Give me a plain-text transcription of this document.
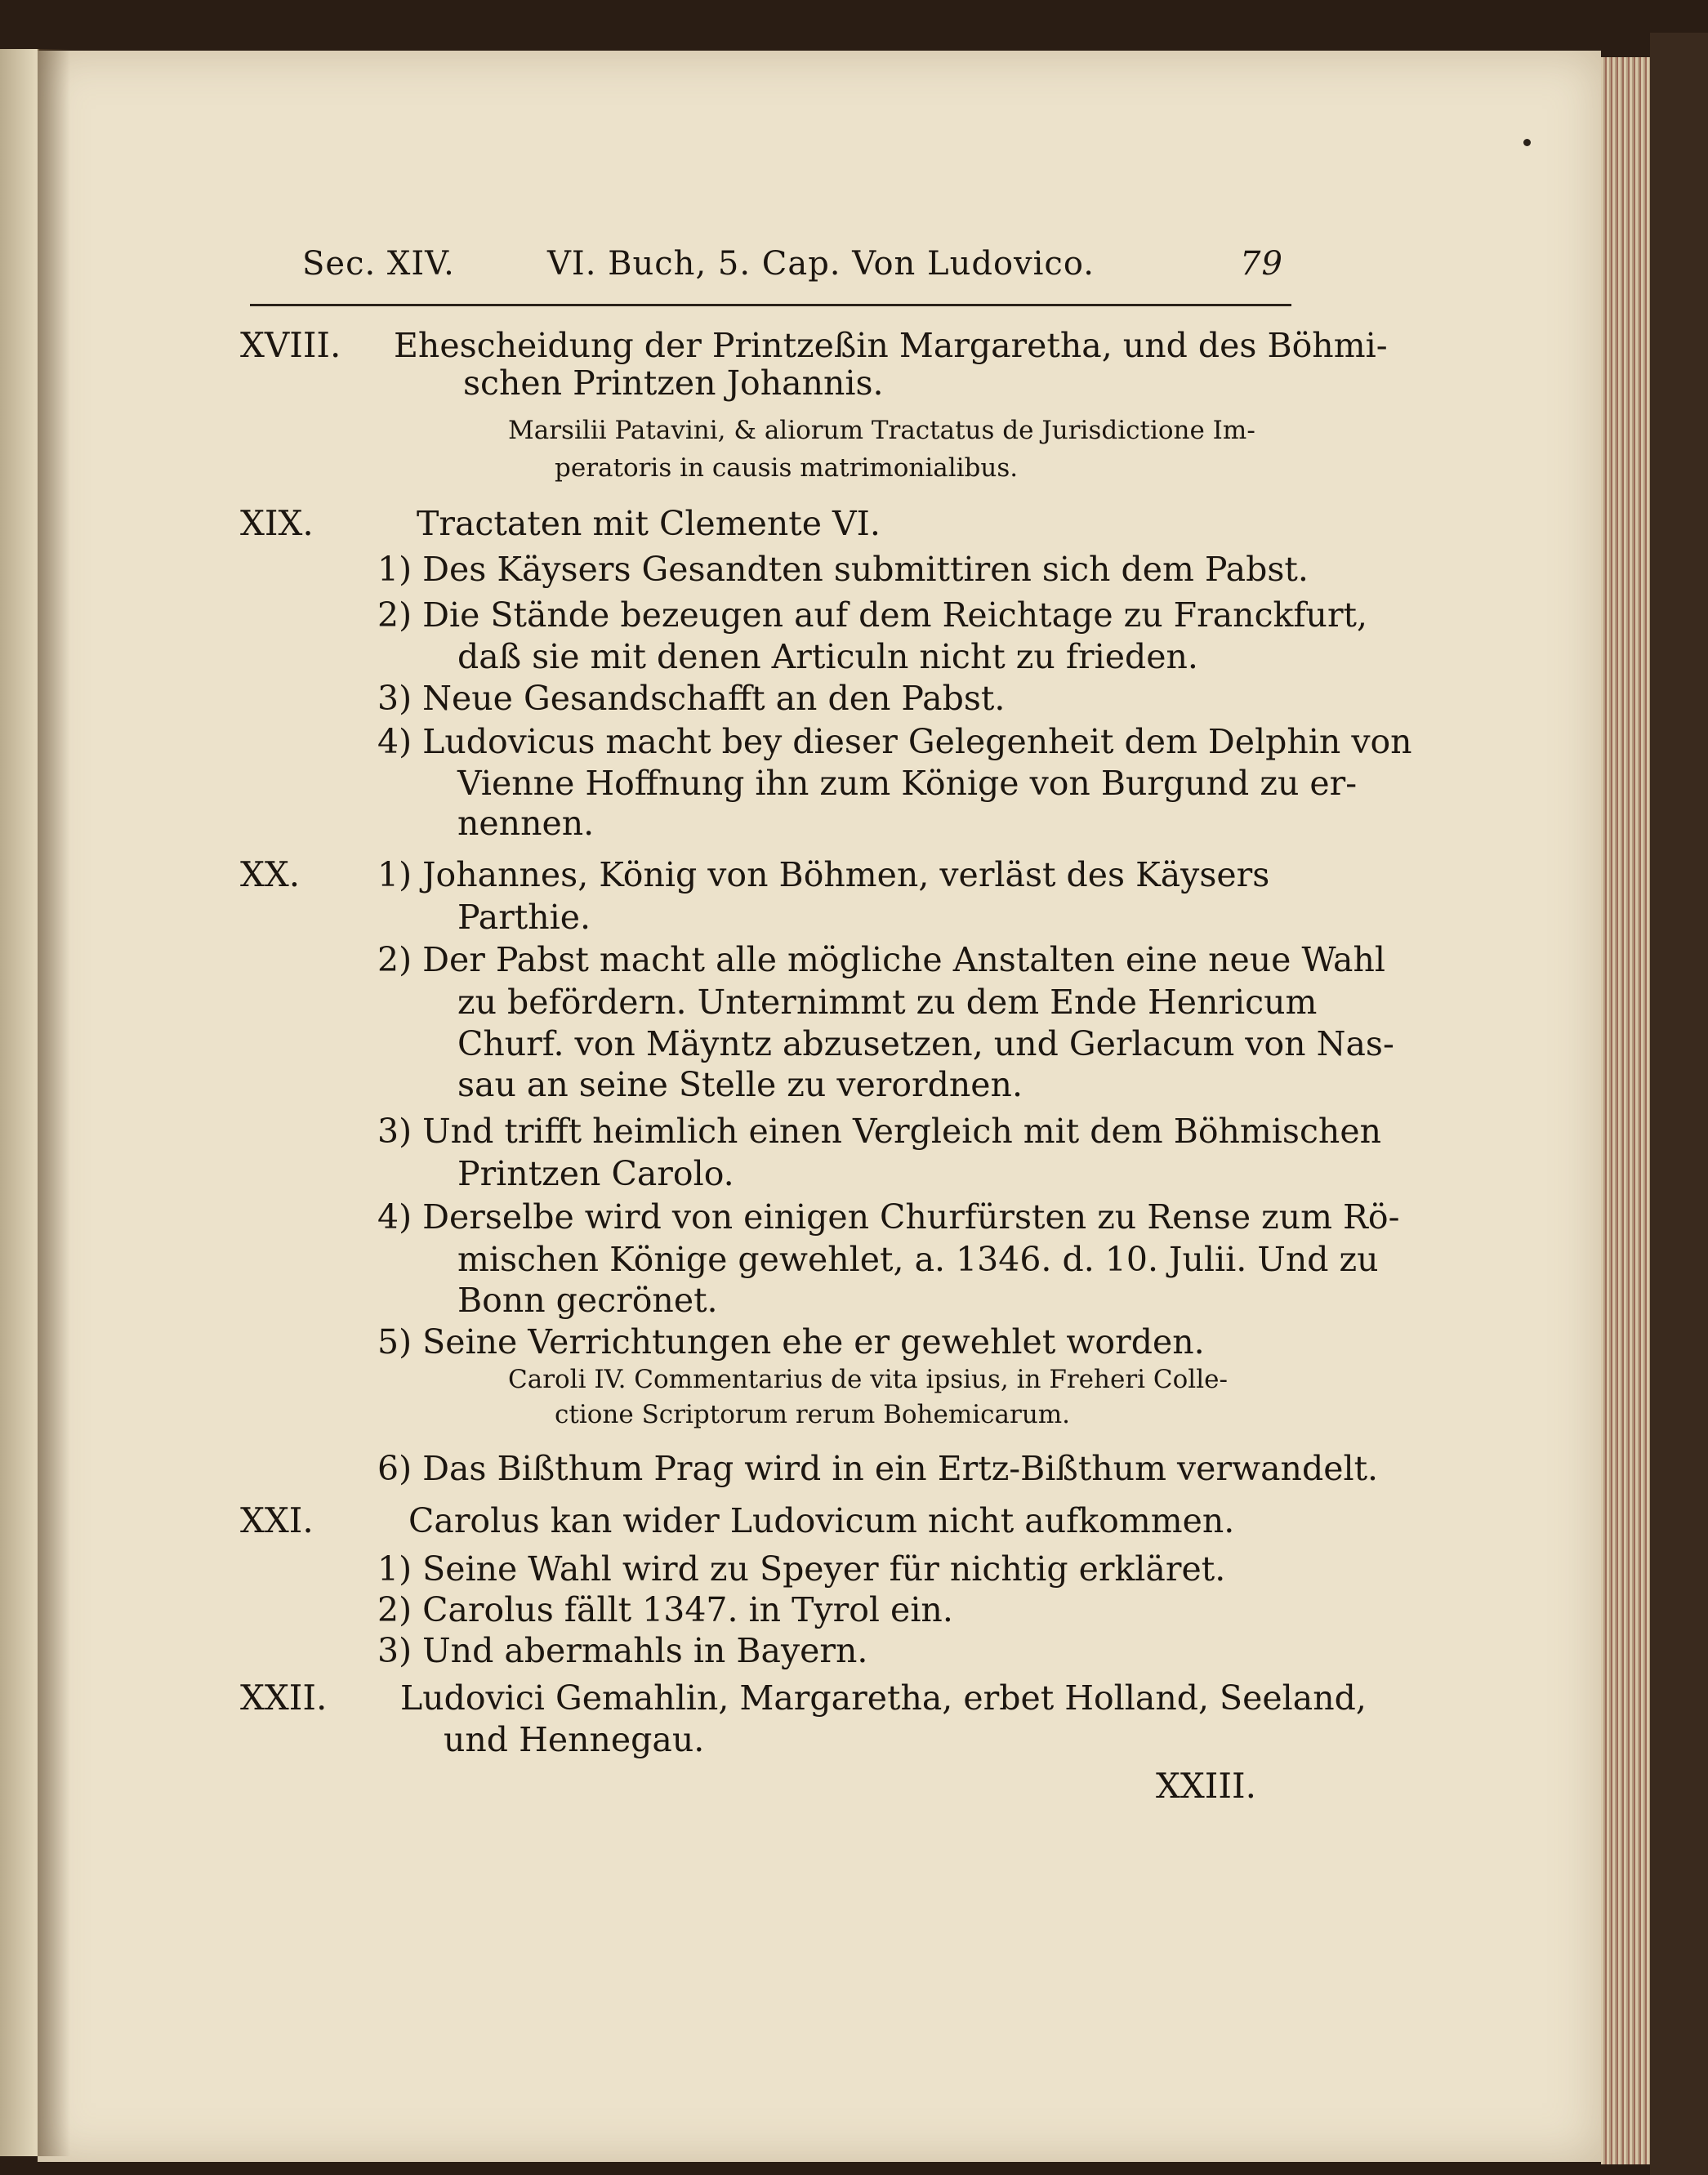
Sec. XIV.	VI. Buch, 5. Cap. Von Ludovico.	79
XVIII. Ehescheidung der Printzeßin Margaretha, und des Böhmi-
schen Printzen Johannis.
Marsilii Patavini, & aliorum Tractatus de Jurisdictione Im-
peratoris in causis matrimonialibus.
XIX.	Tractaten mit Clemente VI.
1) Des Käysers Gesandten submittiren sich dem Pabst.
2) Die Stände bezeugen auf dem Reichtage zu Franckfurt,
daß sie mit denen Articuln nicht zu frieden.
3) Neue Gesandschafft an den Pabst.
4) Ludovicus macht bey dieser Gelegenheit dem Delphin von
Vienne Hoffnung ihn zum Könige von Burgund zu er-
nennen.
XX. 1) Johannes, König von Böhmen, verläst des Käysers
Parthie.
2) Der Pabst macht alle mögliche Anstalten eine neue Wahl
zu befördern. Unternimmt zu dem Ende Henricum
Churf. von Mäyntz abzusetzen, und Gerlacum von Nas-
sau an seine Stelle zu verordnen.
3) Und trifft heimlich einen Vergleich mit dem Böhmischen
Printzen Carolo.
4) Derselbe wird von einigen Churfürsten zu Rense zum Rö-
mischen Könige gewehlet, a. 1346. d. 10. Julii. Und zu
Bonn gecrönet.
5) Seine Verrichtungen ehe er gewehlet worden.
Caroli IV. Commentarius de vita ipsius, in Freheri Colle-
ctione Scriptorum rerum Bohemicarum.
6) Das Bißthum Prag wird in ein Ertz-Bißthum verwandelt.
XXI.	Carolus kan wider Ludovicum nicht aufkommen.
1) Seine Wahl wird zu Speyer für nichtig erkläret.
2) Carolus fällt 1347. in Tyrol ein.
3) Und abermahls in Bayern.
XXII. Ludovici Gemahlin, Margaretha, erbet Holland, Seeland,
und Hennegau.
XXIII.
